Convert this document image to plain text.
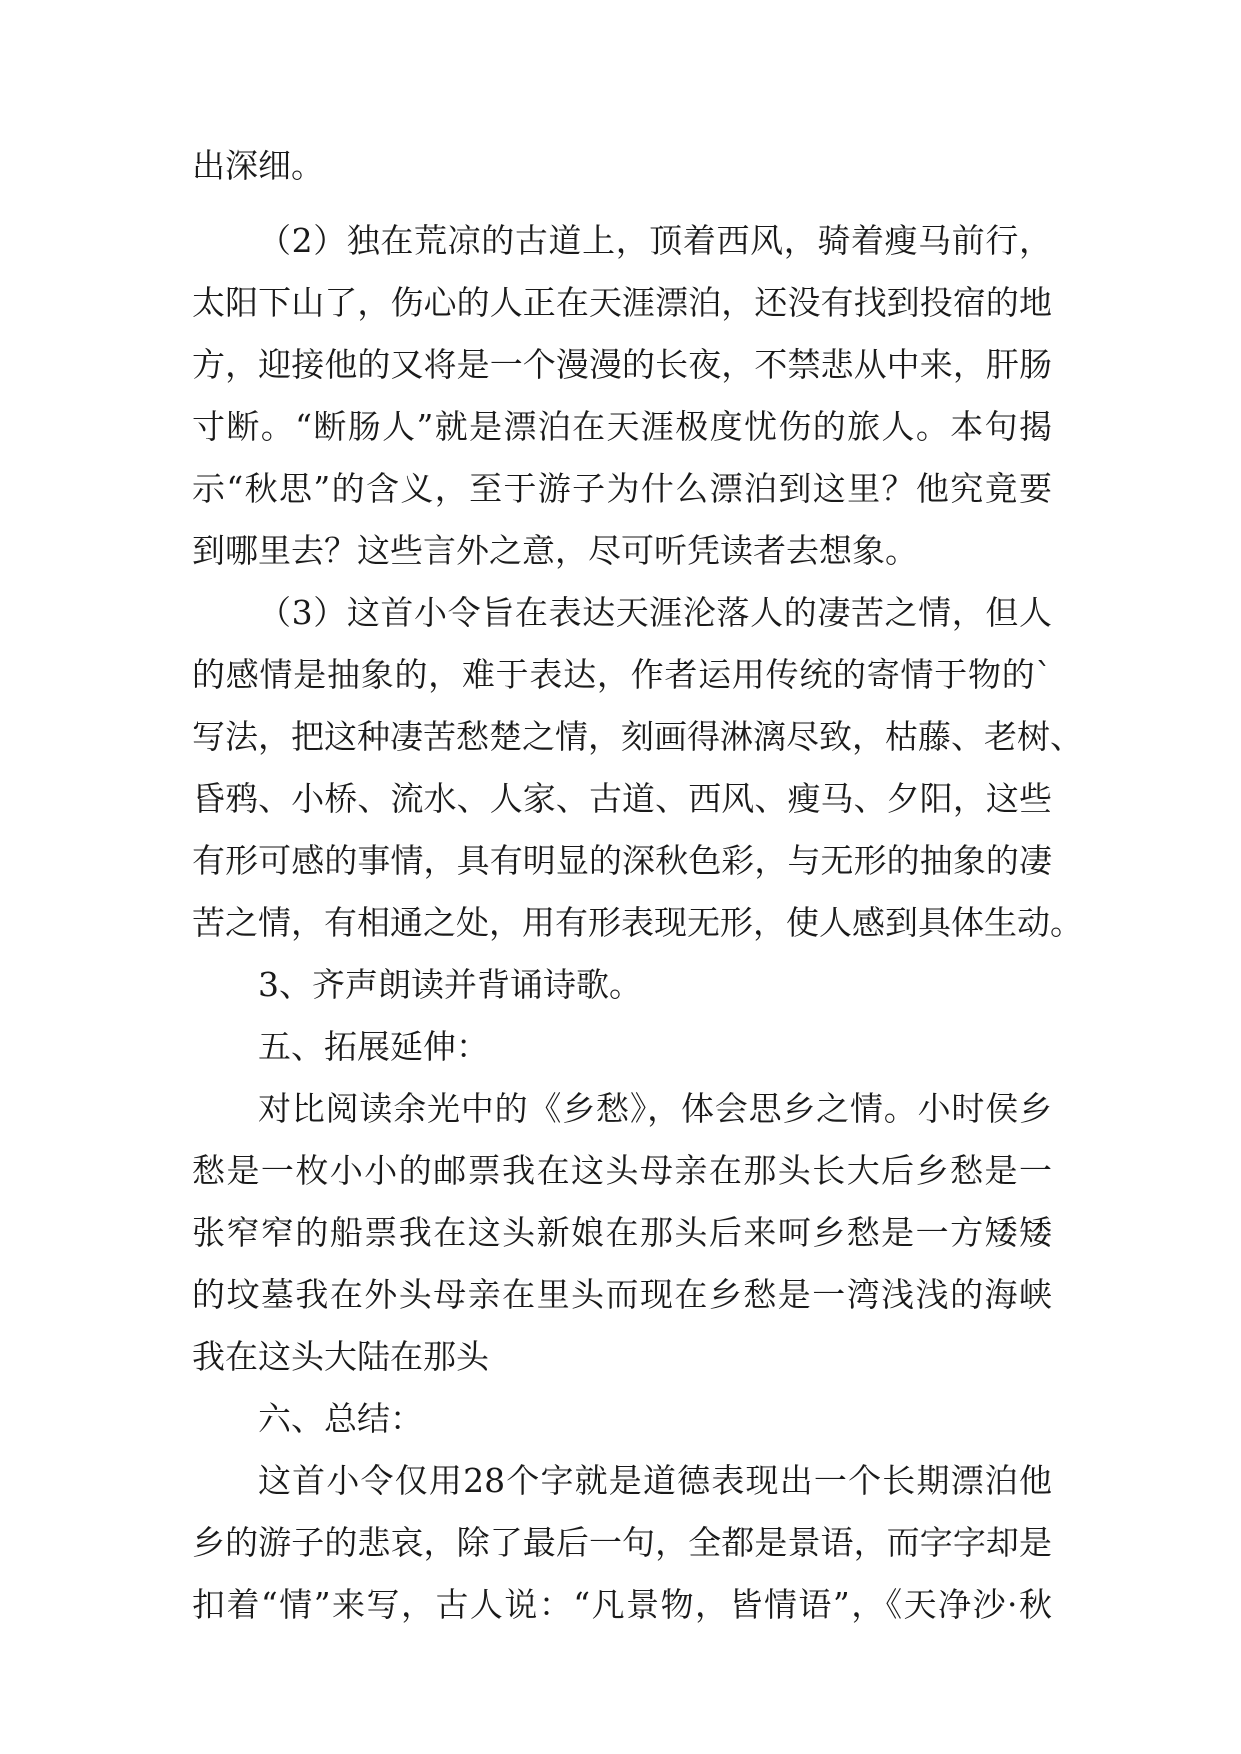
出深细。
（2）独在荒凉的古道上，顶着西风，骑着瘦马前行，
太阳下山了，伤心的人正在天涯漂泊，还没有找到投宿的地
方，迎接他的又将是一个漫漫的长夜，不禁悲从中来，肝肠
寸断。“断肠人”就是漂泊在天涯极度忧伤的旅人。本句揭
示“秋思”的含义，至于游子为什么漂泊到这里？他究竟要
到哪里去？这些言外之意，尽可听凭读者去想象。
（3）这首小令旨在表达天涯沦落人的凄苦之情，但人
的感情是抽象的，难于表达，作者运用传统的寄情于物的`
写法，把这种凄苦愁楚之情，刻画得淋漓尽致，枯藤、老树、
昏鸦、小桥、流水、人家、古道、西风、瘦马、夕阳，这些
有形可感的事情，具有明显的深秋色彩，与无形的抽象的凄
苦之情，有相通之处，用有形表现无形，使人感到具体生动。
3、齐声朗读并背诵诗歌。
五、拓展延伸：
对比阅读余光中的《乡愁》，体会思乡之情。小时侯乡
愁是一枚小小的邮票我在这头母亲在那头长大后乡愁是一
张窄窄的船票我在这头新娘在那头后来呵乡愁是一方矮矮
的坟墓我在外头母亲在里头而现在乡愁是一湾浅浅的海峡
我在这头大陆在那头
六、总结：
这首小令仅用28个字就是道德表现出一个长期漂泊他
乡的游子的悲哀，除了最后一句，全都是景语，而字字却是
扣着“情”来写，古人说：“凡景物，皆情语”，《天净沙·秋
